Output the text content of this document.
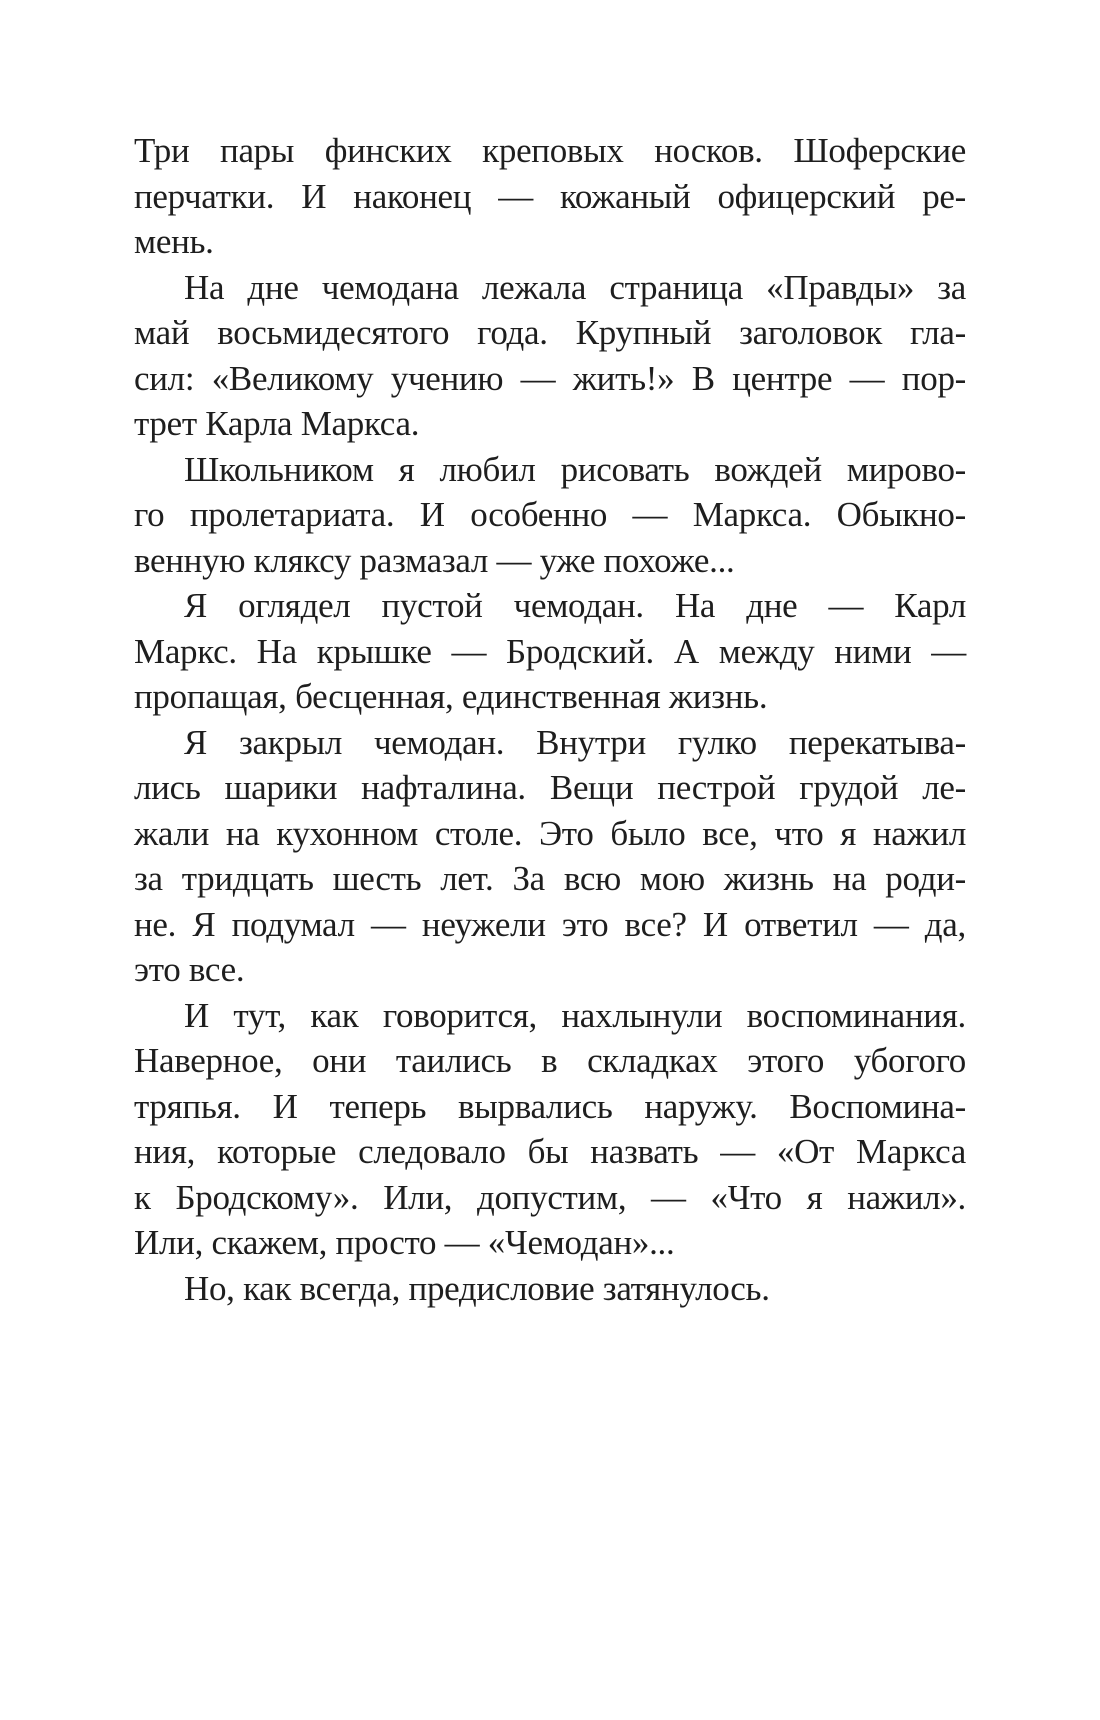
Три пары финских креповых носков. Шоферские
перчатки. И наконец — кожаный офицерский ре-
мень.
На дне чемодана лежала страница «Правды» за
май восьмидесятого года. Крупный заголовок гла-
сил: «Великому учению — жить!» В центре — пор-
трет Карла Маркса.
Школьником я любил рисовать вождей мирово-
го пролетариата. И особенно — Маркса. Обыкно-
венную кляксу размазал — уже похоже...
Я оглядел пустой чемодан. На дне — Карл
Маркс. На крышке — Бродский. А между ними —
пропащая, бесценная, единственная жизнь.
Я закрыл чемодан. Внутри гулко перекатыва-
лись шарики нафталина. Вещи пестрой грудой ле-
жали на кухонном столе. Это было все, что я нажил
за тридцать шесть лет. За всю мою жизнь на роди-
не. Я подумал — неужели это все? И ответил — да,
это все.
И тут, как говорится, нахлынули воспоминания.
Наверное, они таились в складках этого убогого
тряпья. И теперь вырвались наружу. Воспомина-
ния, которые следовало бы назвать — «От Маркса
к Бродскому». Или, допустим, — «Что я нажил».
Или, скажем, просто — «Чемодан»...
Но, как всегда, предисловие затянулось.
